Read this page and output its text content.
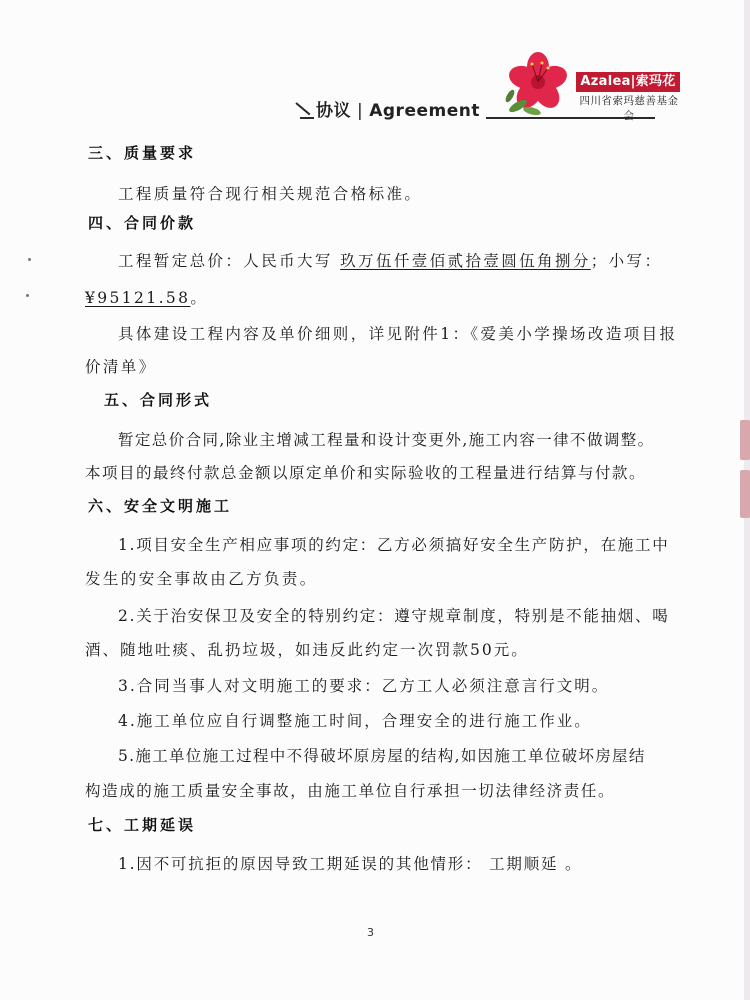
协议 | Agreement
Azalea|索玛花
四川省索玛慈善基金会
三、质量要求
工程质量符合现行相关规范合格标准。
四、合同价款
工程暂定总价：人民币大写 玖万伍仟壹佰贰拾壹圆伍角捌分；小写：
¥95121.58。
具体建设工程内容及单价细则，详见附件1：《爱美小学操场改造项目报
价清单》
五、合同形式
暂定总价合同,除业主增减工程量和设计变更外,施工内容一律不做调整。
本项目的最终付款总金额以原定单价和实际验收的工程量进行结算与付款。
六、安全文明施工
1.项目安全生产相应事项的约定：乙方必须搞好安全生产防护，在施工中
发生的安全事故由乙方负责。
2.关于治安保卫及安全的特别约定：遵守规章制度，特别是不能抽烟、喝
酒、随地吐痰、乱扔垃圾，如违反此约定一次罚款50元。
3.合同当事人对文明施工的要求：乙方工人必须注意言行文明。
4.施工单位应自行调整施工时间，合理安全的进行施工作业。
5.施工单位施工过程中不得破坏原房屋的结构,如因施工单位破坏房屋结
构造成的施工质量安全事故，由施工单位自行承担一切法律经济责任。
七、工期延误
1.因不可抗拒的原因导致工期延误的其他情形： 工期顺延 。
3
